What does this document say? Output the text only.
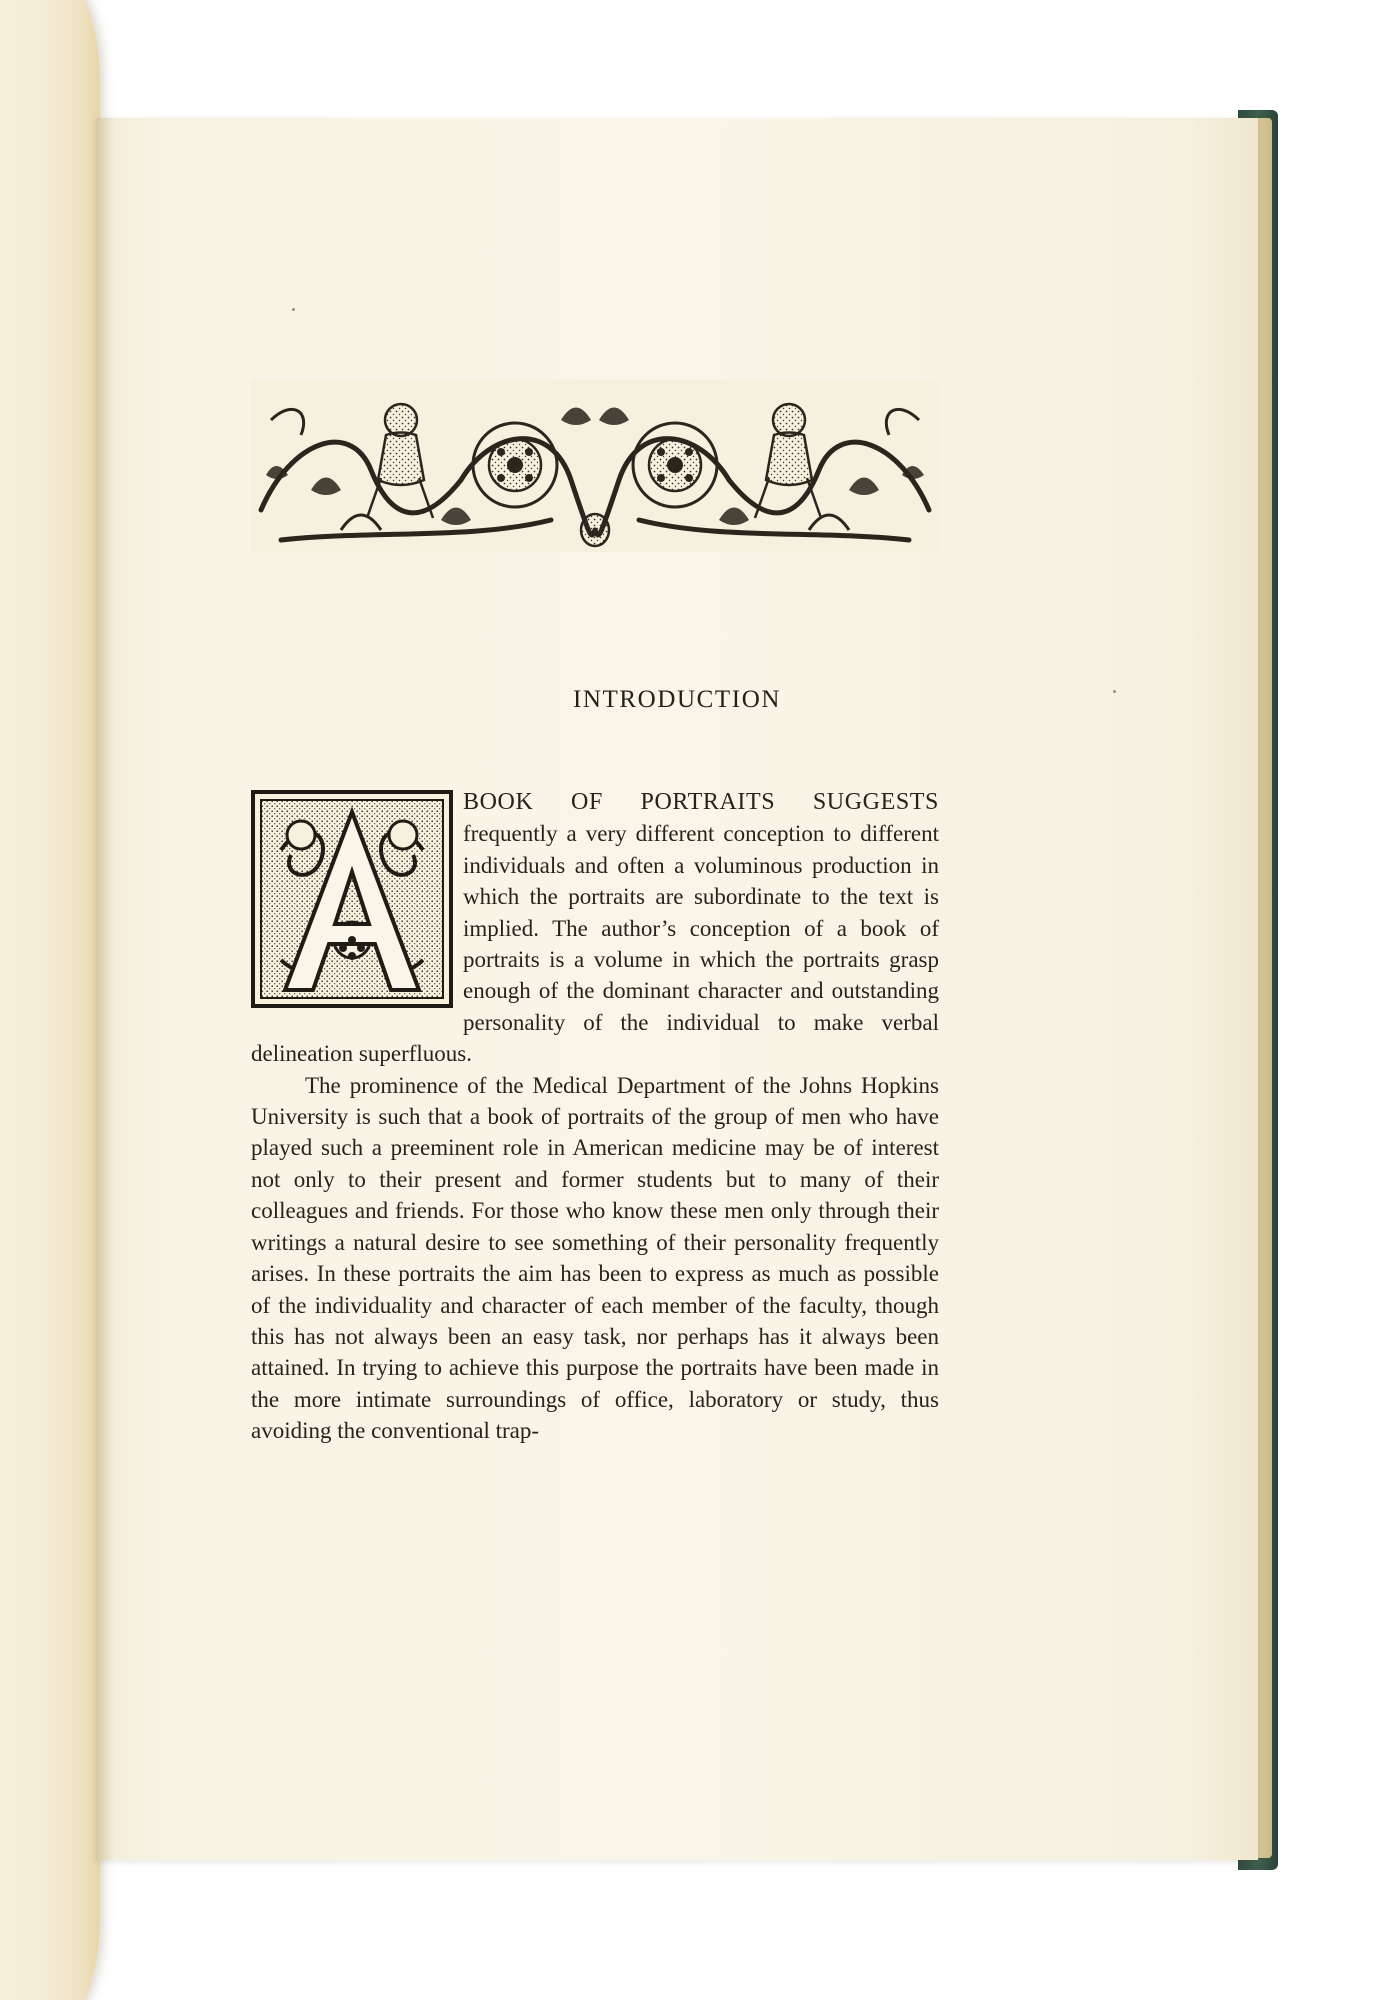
INTRODUCTION

BOOK OF PORTRAITS SUGGESTS frequently a very different conception to different individuals and often a voluminous production in which the portraits are subordinate to the text is implied. The author’s conception of a book of portraits is a volume in which the portraits grasp enough of the dominant character and outstanding personality of the individual to make verbal delineation superfluous.

The prominence of the Medical Department of the Johns Hopkins University is such that a book of portraits of the group of men who have played such a preeminent role in American medicine may be of interest not only to their present and former students but to many of their colleagues and friends. For those who know these men only through their writings a natural desire to see something of their personality frequently arises. In these portraits the aim has been to express as much as possible of the individuality and character of each member of the faculty, though this has not always been an easy task, nor perhaps has it always been attained. In trying to achieve this purpose the portraits have been made in the more intimate surroundings of office, laboratory or study, thus avoiding the conventional trap-
